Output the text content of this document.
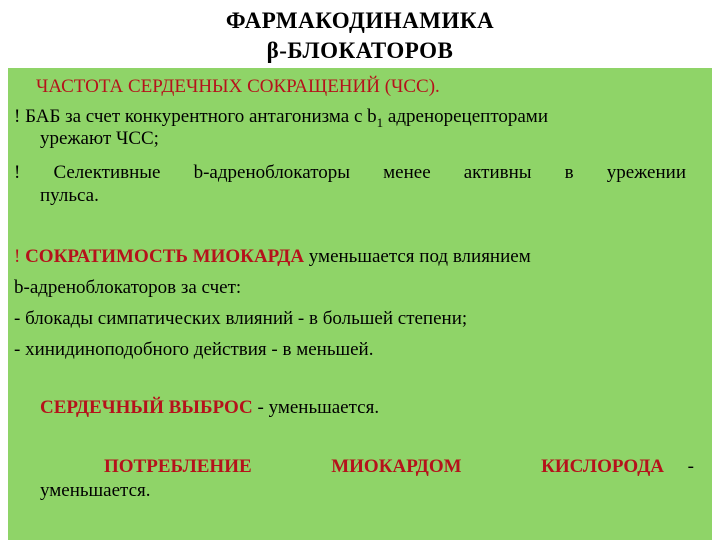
ФАРМАКОДИНАМИКА
β-БЛОКАТОРОВ
ЧАСТОТА СЕРДЕЧНЫХ СОКРАЩЕНИЙ (ЧСС).
! БАБ за счет конкурентного антагонизма с $b_1$ адренорецепторами
урежают ЧСС;
! Селективные b-адреноблокаторы менее активны в урежении
пульса.
! СОКРАТИМОСТЬ МИОКАРДА уменьшается под влиянием
b-адреноблокаторов за счет:
- блокады симпатических влияний - в большей степени;
- хинидиноподобного действия - в меньшей.
СЕРДЕЧНЫЙ ВЫБРОС - уменьшается.
ПОТРЕБЛЕНИЕ МИОКАРДОМ КИСЛОРОДА -
уменьшается.
